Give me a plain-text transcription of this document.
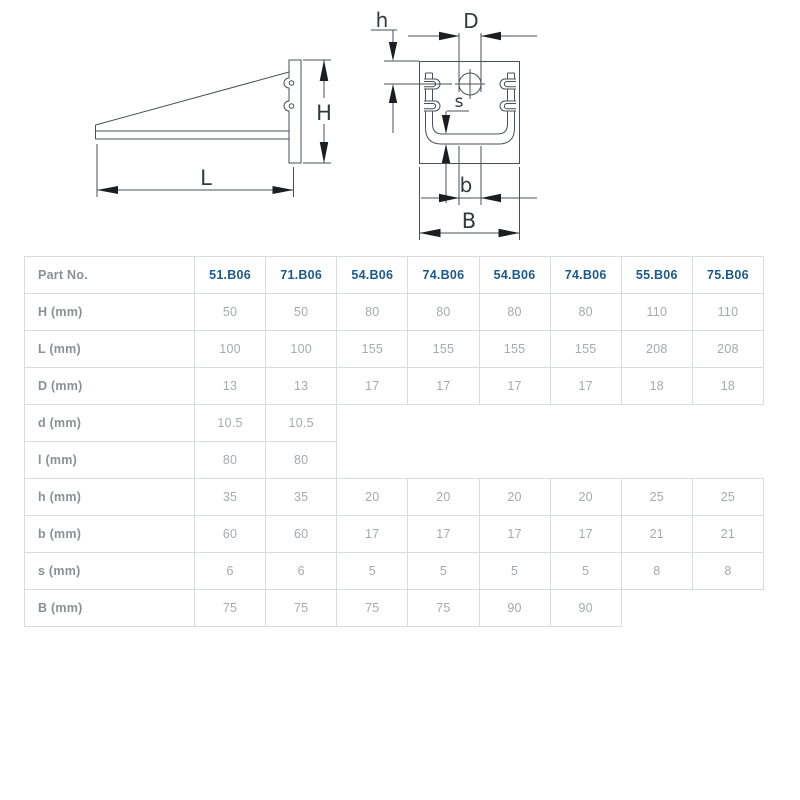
H
L
D
h
s
b
B
Part No.	51.B06	71.B06	54.B06	74.B06	54.B06	74.B06	55.B06	75.B06
H (mm)	50	50	80	80	80	80	110	110
L (mm)	100	100	155	155	155	155	208	208
D (mm)	13	13	17	17	17	17	18	18
d (mm)	10.5	10.5						
l (mm)	80	80						
h (mm)	35	35	20	20	20	20	25	25
b (mm)	60	60	17	17	17	17	21	21
s (mm)	6	6	5	5	5	5	8	8
B (mm)	75	75	75	75	90	90		
